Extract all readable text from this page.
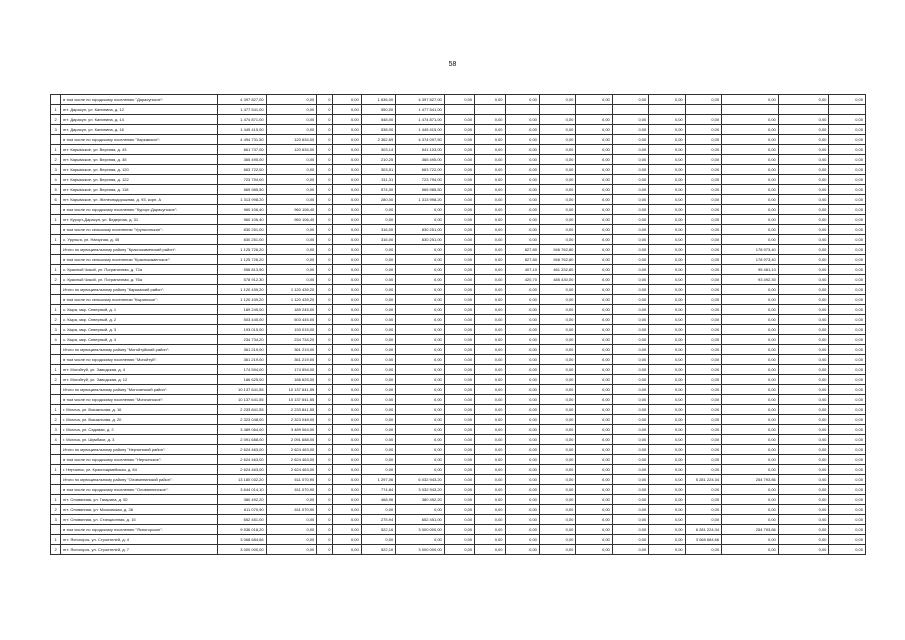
58
	в том числе по городскому поселению "Дарасунское":	4 397 827,00	0,00	0	0,00	1 636,00	4 397 827,00	0,00	0,00	0,00	0,00	0,00	0,00	0,00	0,00	0,00	0,00	0,00
1	пгт. Дарасун, ул. Калинина, д. 12	1 477 541,00	0,00	0	0,00	550,00	1 477 541,00											
2	пгт. Дарасун, ул. Калинина, д. 14	1 474 871,00	0,00	0	0,00	548,00	1 474 871,00	0,00	0,00	0,00	0,00	0,00	0,00	0,00	0,00	0,00	0,00	0,00
3	пгт. Дарасун, ул. Калинина, д. 16	1 445 415,00	0,00	0	0,00	538,00	1 445 415,00	0,00	0,00	0,00	0,00	0,00	0,00	0,00	0,00	0,00	0,00	0,00
	в том числе по городскому поселению "Карымское":	4 494 731,50	120 634,00	0	0,00	2 362,69	4 374 097,50	0,00	0,00	0,00	0,00	0,00	0,00	0,00	0,00	0,00	0,00	0,00
1	пгт. Карымское, ул. Верхняя, д. 43	661 737,00	120 634,00	0	0,00	303,14	541 103,00	0,00	0,00	0,00	0,00	0,00	0,00	0,00	0,00	0,00	0,00	0,00
2	пгт. Карымское, ул. Верхняя, д. 45	365 495,00	0,00	0	0,00	210,25	365 495,00	0,00	0,00	0,00	0,00	0,00	0,00	0,00	0,00	0,00	0,00	0,00
3	пгт. Карымское, ул. Верхняя, д. 120	663 722,00	0,00	0	0,00	303,51	663 722,00	0,00	0,00	0,00	0,00	0,00	0,00	0,00	0,00	0,00	0,00	0,00
4	пгт. Карымское, ул. Верхняя, д. 122	723 794,00	0,00	0	0,00	311,31	723 794,00	0,00	0,00	0,00	0,00	0,00	0,00	0,00	0,00	0,00	0,00	0,00
5	пгт. Карымское, ул. Верхняя, д. 118	565 985,50	0,00	0	0,00	574,00	565 985,50	0,00	0,00	0,00	0,00	0,00	0,00	0,00	0,00	0,00	0,00	0,00
6	пгт. Карымское, ул. Железнодорожная, д. 93, корп. А	1 313 998,20	0,00	0	0,00	280,00	1 313 998,20	0,00	0,00	0,00	0,00	0,00	0,00	0,00	0,00	0,00	0,00	0,00
	в том числе по городскому поселению "Курорт-Дарасунское":	960 106,40	960 106,40	0	0,00	0,00	0,00	0,00	0,00	0,00	0,00	0,00	0,00	0,00	0,00	0,00	0,00	0,00
1	пгт. Курорт-Дарасун, ул. Ведерная, д. 31	960 106,40	960 106,40	0	0,00	0,00	0,00	0,00	0,00	0,00	0,00	0,00	0,00	0,00	0,00	0,00	0,00	0,00
	в том числе по сельскому поселению "Урульгинское":	830 251,00	0,00	0	0,00	316,00	830 251,00	0,00	0,00	0,00	0,00	0,00	0,00	0,00	0,00	0,00	0,00	0,00
1	с. Урульга, ул. Нагорная, д. 45	830 251,00	0,00	0	0,00	316,00	830 251,00	0,00	0,00	0,00	0,00	0,00	0,00	0,00	0,00	0,00	0,00	0,00
	Итого по муниципальному району "Краснокаменский район":	1 125 726,20	0,00	0	0,00	0,00	0,00	0,00	0,00	827,80	946 762,80	0,00	0,00	0,00	0,00	178 973,40	0,00	0,00
	в том числе по сельскому поселению "Краснокаменское":	1 125 726,20	0,00	0	0,00	0,00	0,00	0,00	0,00	827,80	946 762,80	0,00	0,00	0,00	0,00	178 973,40	0,00	0,00
1	с. Красный Чикой, ул. Пограничная, д. 72а	556 813,90	0,00	0	0,00	0,00	0,00	0,00	0,00	407,10	461 332,80	0,00	0,00	0,00	0,00	95 481,10	0,00	0,00
2	с. Красный Чикой, ул. Пограничная, д. 76а	578 912,30	0,00	0	0,00	0,00	0,00	0,00	0,00	420,70	485 430,00	0,00	0,00	0,00	0,00	93 492,30	0,00	0,00
	Итого по муниципальному району "Карымский район":	1 120 439,20	1 120 439,20	0	0,00	0,00	0,00	0,00	0,00	0,00	0,00	0,00	0,00	0,00	0,00	0,00	0,00	0,00
	в том числе по сельскому поселению "Кыринское":	1 120 439,20	1 120 439,20	0	0,00	0,00	0,00	0,00	0,00	0,00	0,00	0,00	0,00	0,00	0,00	0,00	0,00	0,00
1	с. Кыра, мкр. Северный, д. 1	189 245,00	189 245,00	0	0,00	0,00	0,00	0,00	0,00	0,00	0,00	0,00	0,00	0,00	0,00	0,00	0,00	0,00
2	с. Кыра, мкр. Северный, д. 2	503 445,00	503 445,00	0	0,00	0,00	0,00	0,00	0,00	0,00	0,00	0,00	0,00	0,00	0,00	0,00	0,00	0,00
3	с. Кыра, мкр. Северный, д. 3	193 015,00	193 015,00	0	0,00	0,00	0,00	0,00	0,00	0,00	0,00	0,00	0,00	0,00	0,00	0,00	0,00	0,00
4	с. Кыра, мкр. Северный, д. 4	234 734,20	234 734,20	0	0,00	0,00	0,00	0,00	0,00	0,00	0,00	0,00	0,00	0,00	0,00	0,00	0,00	0,00
	Итого по муниципальному району "Могойтуйский район":	361 219,00	361 219,00	0	0,00	0,00	0,00	0,00	0,00	0,00	0,00	0,00	0,00	0,00	0,00	0,00	0,00	0,00
	в том числе по городскому поселению "Могойтуй":	361 219,00	361 219,00	0	0,00	0,00	0,00	0,00	0,00	0,00	0,00	0,00	0,00	0,00	0,00	0,00	0,00	0,00
1	пгт. Могойтуй, ул. Заводская, д. 4	174 594,00	174 594,00	0	0,00	0,00	0,00	0,00	0,00	0,00	0,00	0,00	0,00	0,00	0,00	0,00	0,00	0,00
2	пгт. Могойтуй, ул. Заводская, д. 12	186 625,00	186 625,00	0	0,00	0,00	0,00	0,00	0,00	0,00	0,00	0,00	0,00	0,00	0,00	0,00	0,00	0,00
	Итого по муниципальному району "Могочинский район":	10 137 641,55	10 137 641,55	0	0,00	0,00	0,00	0,00	0,00	0,00	0,00	0,00	0,00	0,00	0,00	0,00	0,00	0,00
	в том числе по городскому поселению "Могочинское":	10 137 641,55	10 137 641,55	0	0,00	0,00	0,00	0,00	0,00	0,00	0,00	0,00	0,00	0,00	0,00	0,00	0,00	0,00
1	г. Могоча, ул. Вокзальная, д. 16	2 233 841,55	2 233 841,55	0	0,00	0,00	0,00	0,00	0,00	0,00	0,00	0,00	0,00	0,00	0,00	0,00	0,00	0,00
2	г. Могоча, ул. Вокзальная, д. 20	2 323 048,00	2 323 048,00	0	0,00	0,00	0,00	0,00	0,00	0,00	0,00	0,00	0,00	0,00	0,00	0,00	0,00	0,00
3	г. Могоча, ул. Садовая, д. 2	3 489 064,00	3 489 064,00	0	0,00	0,00	0,00	0,00	0,00	0,00	0,00	0,00	0,00	0,00	0,00	0,00	0,00	0,00
4	г. Могоча, ул. Шумбахи, д. 3	2 091 688,00	2 091 688,00	0	0,00	0,00	0,00	0,00	0,00	0,00	0,00	0,00	0,00	0,00	0,00	0,00	0,00	0,00
	Итого по муниципальному району "Нерчинский район":	2 624 463,00	2 624 463,00	0	0,00	0,00	0,00	0,00	0,00	0,00	0,00	0,00	0,00	0,00	0,00	0,00	0,00	0,00
	в том числе по городскому поселению "Нерчинское":	2 624 463,00	2 624 463,00	0	0,00	0,00	0,00	0,00	0,00	0,00	0,00	0,00	0,00	0,00	0,00	0,00	0,00	0,00
1	г. Нерчинск, ул. Красноармейская, д. 84	2 624 463,00	2 624 463,00	0	0,00	0,00	0,00	0,00	0,00	0,00	0,00	0,00	0,00	0,00	0,00	0,00	0,00	0,00
	Итого по муниципальному району "Оловяннинский район":	13 180 032,20	611 070,90	0	0,00	1 297,06	6 032 943,20	0,00	0,00	0,00	0,00	0,00	0,00	0,00	5 281 224,34	254 793,86	0,00	0,00
	в том числе по городскому поселению "Оловяннинское":	3 644 014,10	611 070,90	0	0,00	774,84	3 032 943,20	0,00	0,00	0,00	0,00	0,00	0,00	0,00	0,00	0,00	0,00	0,00
1	пгт. Оловянная, ул. Гагарина, д. 52	380 492,20	0,00	0	0,00	468,96	380 492,20	0,00	0,00	0,00	0,00	0,00	0,00	0,00	0,00	0,00	0,00	0,00
2	пгт. Оловянная, ул. Московская, д. 38	611 070,90	611 070,90	0	0,00	0,00	0,00	0,00	0,00	0,00	0,00	0,00	0,00	0,00	0,00	0,00	0,00	0,00
3	пгт. Оловянная, ул. Станционная, д. 15	652 451,00	0,00	0	0,00	275,94	652 451,00	0,00	0,00	0,00	0,00	0,00	0,00	0,00	0,00	0,00	0,00	0,00
	в том числе по городскому поселению "Ясногорское":	9 536 018,20	0,00	0	0,00	522,16	3 000 000,00	0,00	0,00	0,00	0,00	0,00	0,00	0,00	6 281 224,34	254 793,86	0,00	0,00
1	пгт. Ясногорск, ул. Строителей, д. 4	3 068 684,66	0,00	0	0,00	0,00	0,00	0,00	0,00	0,00	0,00	0,00	0,00	0,00	3 068 684,66	0,00	0,00	0,00
2	пгт. Ясногорск, ул. Строителей, д. 7	3 000 000,00	0,00	0	0,00	522,16	3 000 000,00	0,00	0,00	0,00	0,00	0,00	0,00	0,00	0,00	0,00	0,00	0,00
